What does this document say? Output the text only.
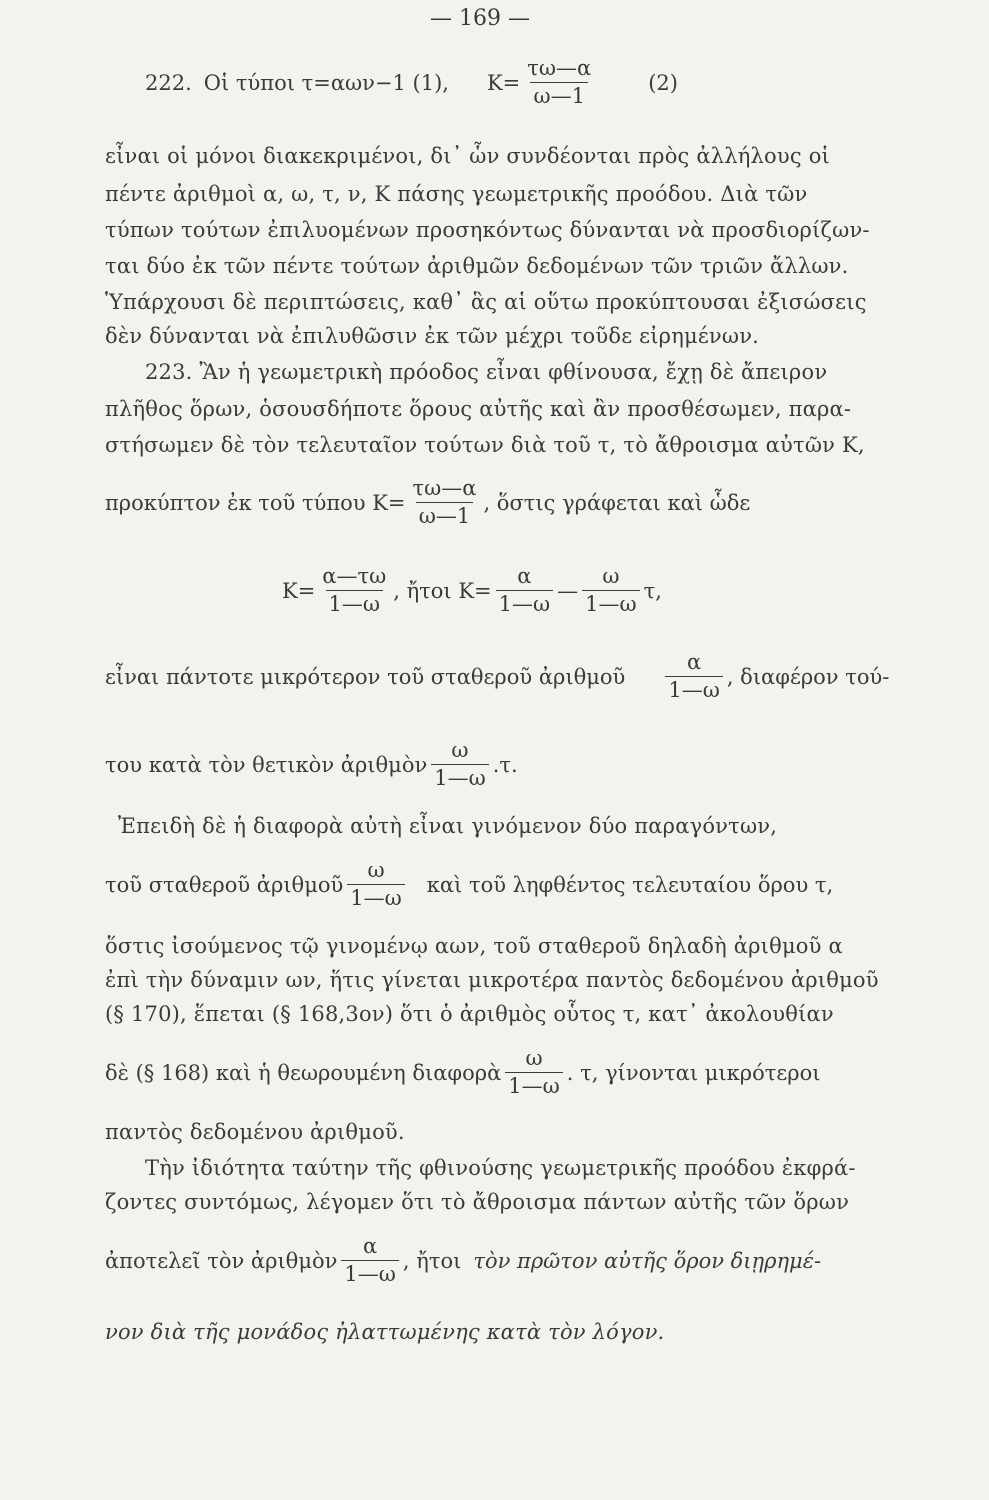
— 169 —
222. Οἱ τύποι τ=αων−1 (1), $K= \frac{\tau\omega—\alpha}{\omega—1}$	(2)
εἶναι οἱ μόνοι διακεκριμένοι, δι᾽ ὧν συνδέονται πρὸς ἀλλήλους οἱ
πέντε ἀριθμοὶ α, ω, τ, ν, Κ πάσης γεωμετρικῆς προόδου. Διὰ τῶν
τύπων τούτων ἐπιλυομένων προσηκόντως δύνανται νὰ προσδιορίζων-
ται δύο ἐκ τῶν πέντε τούτων ἀριθμῶν δεδομένων τῶν τριῶν ἄλλων.
Ὑπάρχουσι δὲ περιπτώσεις, καθ᾽ ἃς αἱ οὕτω προκύπτουσαι ἐξισώσεις
δὲν δύνανται νὰ ἐπιλυθῶσιν ἐκ τῶν μέχρι τοῦδε εἰρημένων.
223. Ἂν ἡ γεωμετρικὴ πρόοδος εἶναι φθίνουσα, ἔχῃ δὲ ἄπειρον
πλῆθος ὅρων, ὁσουσδήποτε ὅρους αὐτῆς καὶ ἂν προσθέσωμεν, παρα-
στήσωμεν δὲ τὸν τελευταῖον τούτων διὰ τοῦ τ, τὸ ἄθροισμα αὐτῶν Κ,
προκύπτον ἐκ τοῦ τύπου $K= \frac{\tau\omega—\alpha}{\omega—1}$ , ὅστις γράφεται καὶ ὧδε
$K= \frac{\alpha—\tau\omega}{1—\omega}$ , ἤτοι $K= \frac{\alpha}{1—\omega}$ — $\frac{\omega}{1—\omega} \tau$,
εἶναι πάντοτε μικρότερον τοῦ σταθεροῦ ἀριθμοῦ $\frac{\alpha}{1—\omega}$ , διαφέρον τού-
του κατὰ τὸν θετικὸν ἀριθμὸν $\frac{\omega}{1—\omega} .\tau$.
Ἐπειδὴ δὲ ἡ διαφορὰ αὐτὴ εἶναι γινόμενον δύο παραγόντων,
τοῦ σταθεροῦ ἀριθμοῦ $\frac{\omega}{1—\omega}$ καὶ τοῦ ληφθέντος τελευταίου ὅρου τ,
ὅστις ἰσούμενος τῷ γινομένῳ αων, τοῦ σταθεροῦ δηλαδὴ ἀριθμοῦ α
ἐπὶ τὴν δύναμιν ων, ἥτις γίνεται μικροτέρα παντὸς δεδομένου ἀριθμοῦ
(§ 170), ἕπεται (§ 168,3ον) ὅτι ὁ ἀριθμὸς οὗτος τ, κατ᾽ ἀκολουθίαν
δὲ (§ 168) καὶ ἡ θεωρουμένη διαφορὰ $\frac{\omega}{1—\omega}$ . τ, γίνονται μικρότεροι
παντὸς δεδομένου ἀριθμοῦ.
Τὴν ἰδιότητα ταύτην τῆς φθινούσης γεωμετρικῆς προόδου ἐκφρά-
ζοντες συντόμως, λέγομεν ὅτι τὸ ἄθροισμα πάντων αὐτῆς τῶν ὅρων
ἀποτελεῖ τὸν ἀριθμὸν $\frac{\alpha}{1—\omega}$ , ἤτοι τὸν πρῶτον αὐτῆς ὅρον διῃρημέ-
νον διὰ τῆς μονάδος ἠλαττωμένης κατὰ τὸν λόγον.
